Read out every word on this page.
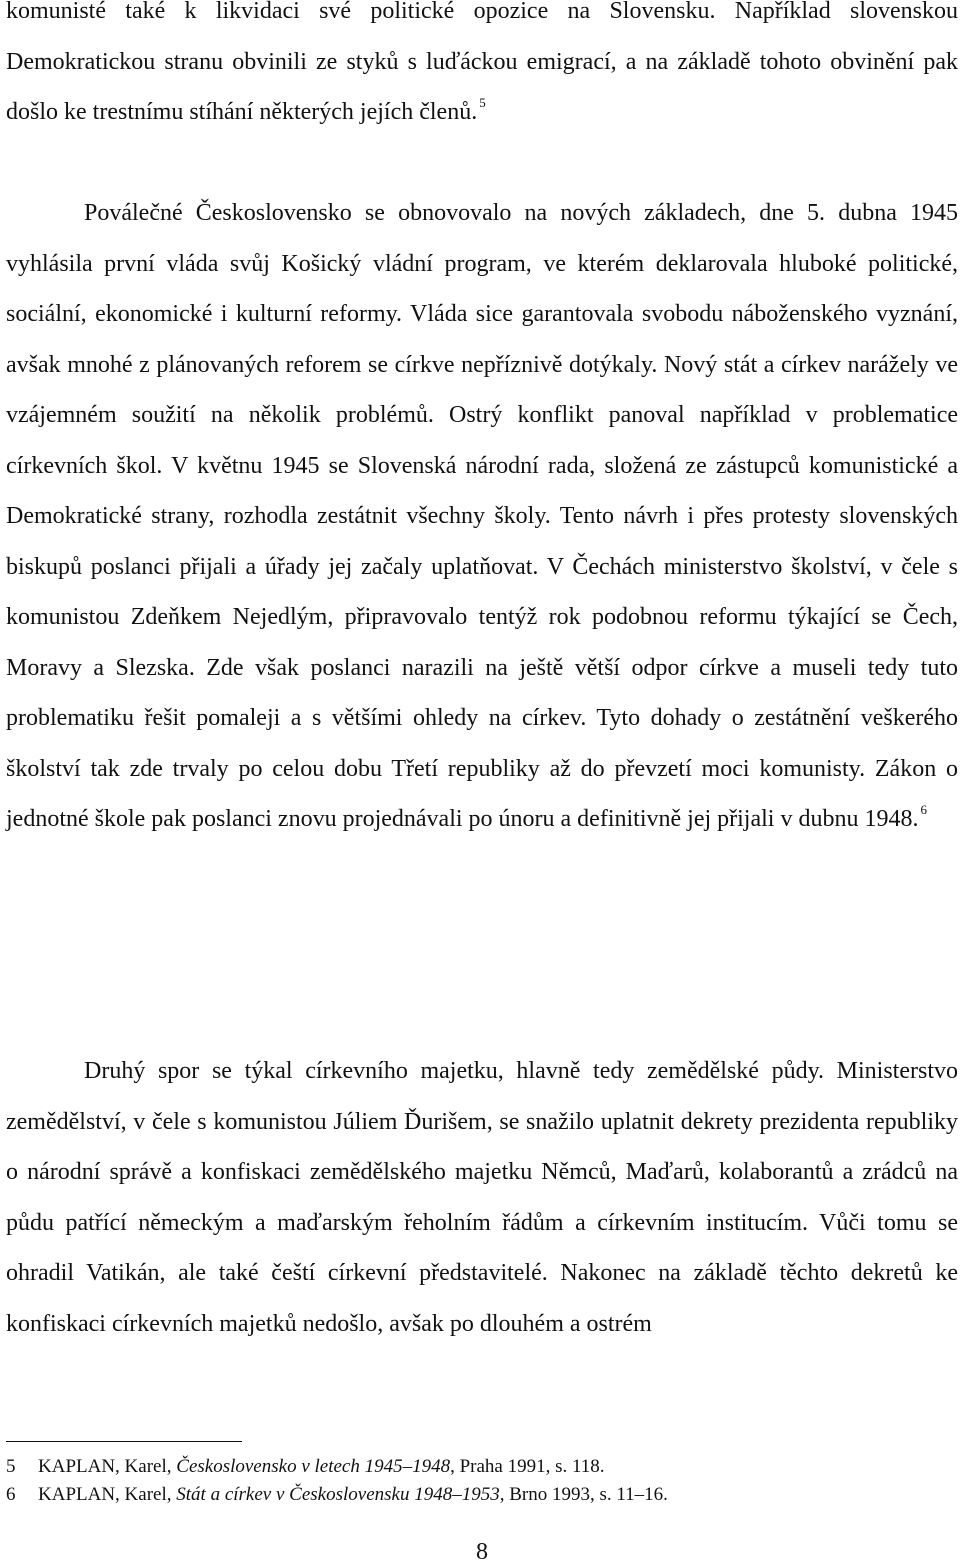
komunisté také k likvidaci své politické opozice na Slovensku. Například slovenskou Demokratickou stranu obvinili ze styků s luďáckou emigrací, a na základě tohoto obvinění pak došlo ke trestnímu stíhání některých jejích členů. $^5$

Poválečné Československo se obnovovalo na nových základech, dne 5. dubna 1945 vyhlásila první vláda svůj Košický vládní program, ve kterém deklarovala hluboké politické, sociální, ekonomické i kulturní reformy. Vláda sice garantovala svobodu náboženského vyznání, avšak mnohé z plánovaných reforem se církve nepříznivě dotýkaly. Nový stát a církev narážely ve vzájemném soužití na několik problémů. Ostrý konflikt panoval například v problematice církevních škol. V květnu 1945 se Slovenská národní rada, složená ze zástupců komunistické a Demokratické strany, rozhodla zestátnit všechny školy. Tento návrh i přes protesty slovenských biskupů poslanci přijali a úřady jej začaly uplatňovat. V Čechách ministerstvo školství, v čele s komunistou Zdeňkem Nejedlým, připravovalo tentýž rok podobnou reformu týkající se Čech, Moravy a Slezska. Zde však poslanci narazili na ještě větší odpor církve a museli tedy tuto problematiku řešit pomaleji a s většími ohledy na církev. Tyto dohady o zestátnění veškerého školství tak zde trvaly po celou dobu Třetí republiky až do převzetí moci komunisty. Zákon o jednotné škole pak poslanci znovu projednávali po únoru a definitivně jej přijali v dubnu 1948. $^6$

Druhý spor se týkal církevního majetku, hlavně tedy zemědělské půdy. Ministerstvo zemědělství, v čele s komunistou Júliem Ďurišem, se snažilo uplatnit dekrety prezidenta republiky o národní správě a konfiskaci zemědělského majetku Němců, Maďarů, kolaborantů a zrádců na půdu patřící německým a maďarským řeholním řádům a církevním institucím. Vůči tomu se ohradil Vatikán, ale také čeští církevní představitelé. Nakonec na základě těchto dekretů ke konfiskaci církevních majetků nedošlo, avšak po dlouhém a ostrém

5 KAPLAN, Karel, Československo v letech 1945–1948, Praha 1991, s. 118.
6 KAPLAN, Karel, Stát a církev v Československu 1948–1953, Brno 1993, s. 11–16.
8
